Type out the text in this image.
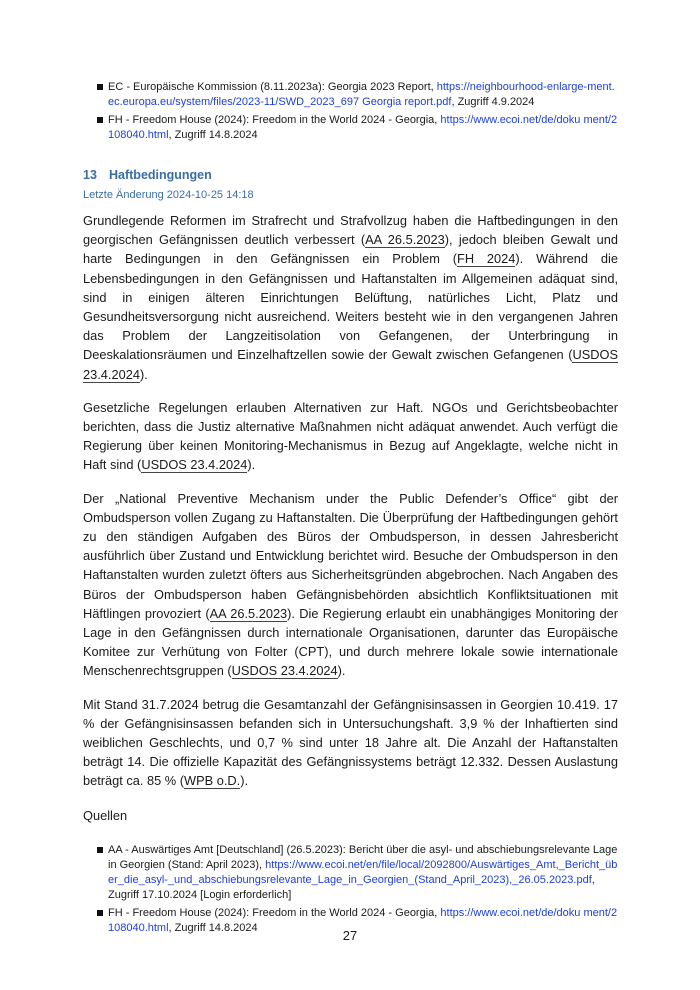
EC - Europäische Kommission (8.11.2023a): Georgia 2023 Report, https://neighbourhood-enlarge-ment.ec.europa.eu/system/files/2023-11/SWD_2023_697 Georgia report.pdf, Zugriff 4.9.2024
FH - Freedom House (2024): Freedom in the World 2024 - Georgia, https://www.ecoi.net/de/doku ment/2108040.html, Zugriff 14.8.2024
13 Haftbedingungen
Letzte Änderung 2024-10-25 14:18

Grundlegende Reformen im Strafrecht und Strafvollzug haben die Haftbedingungen in den georgischen Gefängnissen deutlich verbessert (AA 26.5.2023), jedoch bleiben Gewalt und harte Bedingungen in den Gefängnissen ein Problem (FH 2024). Während die Lebensbedingungen in den Gefängnissen und Haftanstalten im Allgemeinen adäquat sind, sind in einigen älteren Einrichtungen Belüftung, natürliches Licht, Platz und Gesundheitsversorgung nicht ausreichend. Weiters besteht wie in den vergangenen Jahren das Problem der Langzeitisolation von Gefangenen, der Unterbringung in Deeskalationsräumen und Einzelhaftzellen sowie der Gewalt zwischen Gefangenen (USDOS 23.4.2024).

Gesetzliche Regelungen erlauben Alternativen zur Haft. NGOs und Gerichtsbeobachter berichten, dass die Justiz alternative Maßnahmen nicht adäquat anwendet. Auch verfügt die Regierung über keinen Monitoring-Mechanismus in Bezug auf Angeklagte, welche nicht in Haft sind (USDOS 23.4.2024).

Der „National Preventive Mechanism under the Public Defender’s Office“ gibt der Ombudsperson vollen Zugang zu Haftanstalten. Die Überprüfung der Haftbedingungen gehört zu den ständigen Aufgaben des Büros der Ombudsperson, in dessen Jahresbericht ausführlich über Zustand und Entwicklung berichtet wird. Besuche der Ombudsperson in den Haftanstalten wurden zuletzt öfters aus Sicherheitsgründen abgebrochen. Nach Angaben des Büros der Ombudsperson haben Gefängnisbehörden absichtlich Konfliktsituationen mit Häftlingen provoziert (AA 26.5.2023). Die Regierung erlaubt ein unabhängiges Monitoring der Lage in den Gefängnissen durch internationale Organisationen, darunter das Europäische Komitee zur Verhütung von Folter (CPT), und durch mehrere lokale sowie internationale Menschenrechtsgruppen (USDOS 23.4.2024).

Mit Stand 31.7.2024 betrug die Gesamtanzahl der Gefängnisinsassen in Georgien 10.419. 17 % der Gefängnisinsassen befanden sich in Untersuchungshaft. 3,9 % der Inhaftierten sind weiblichen Geschlechts, und 0,7 % sind unter 18 Jahre alt. Die Anzahl der Haftanstalten beträgt 14. Die offizielle Kapazität des Gefängnissystems beträgt 12.332. Dessen Auslastung beträgt ca. 85 % (WPB o.D.).

Quellen
AA - Auswärtiges Amt [Deutschland] (26.5.2023): Bericht über die asyl- und abschiebungsrelevante Lage in Georgien (Stand: April 2023), https://www.ecoi.net/en/file/local/2092800/Auswärtiges_Amt,_Bericht_über_die_asyl-_und_abschiebungsrelevante_Lage_in_Georgien_(Stand_April_2023),_26.05.2023.pdf, Zugriff 17.10.2024 [Login erforderlich]
FH - Freedom House (2024): Freedom in the World 2024 - Georgia, https://www.ecoi.net/de/doku ment/2108040.html, Zugriff 14.8.2024
27
